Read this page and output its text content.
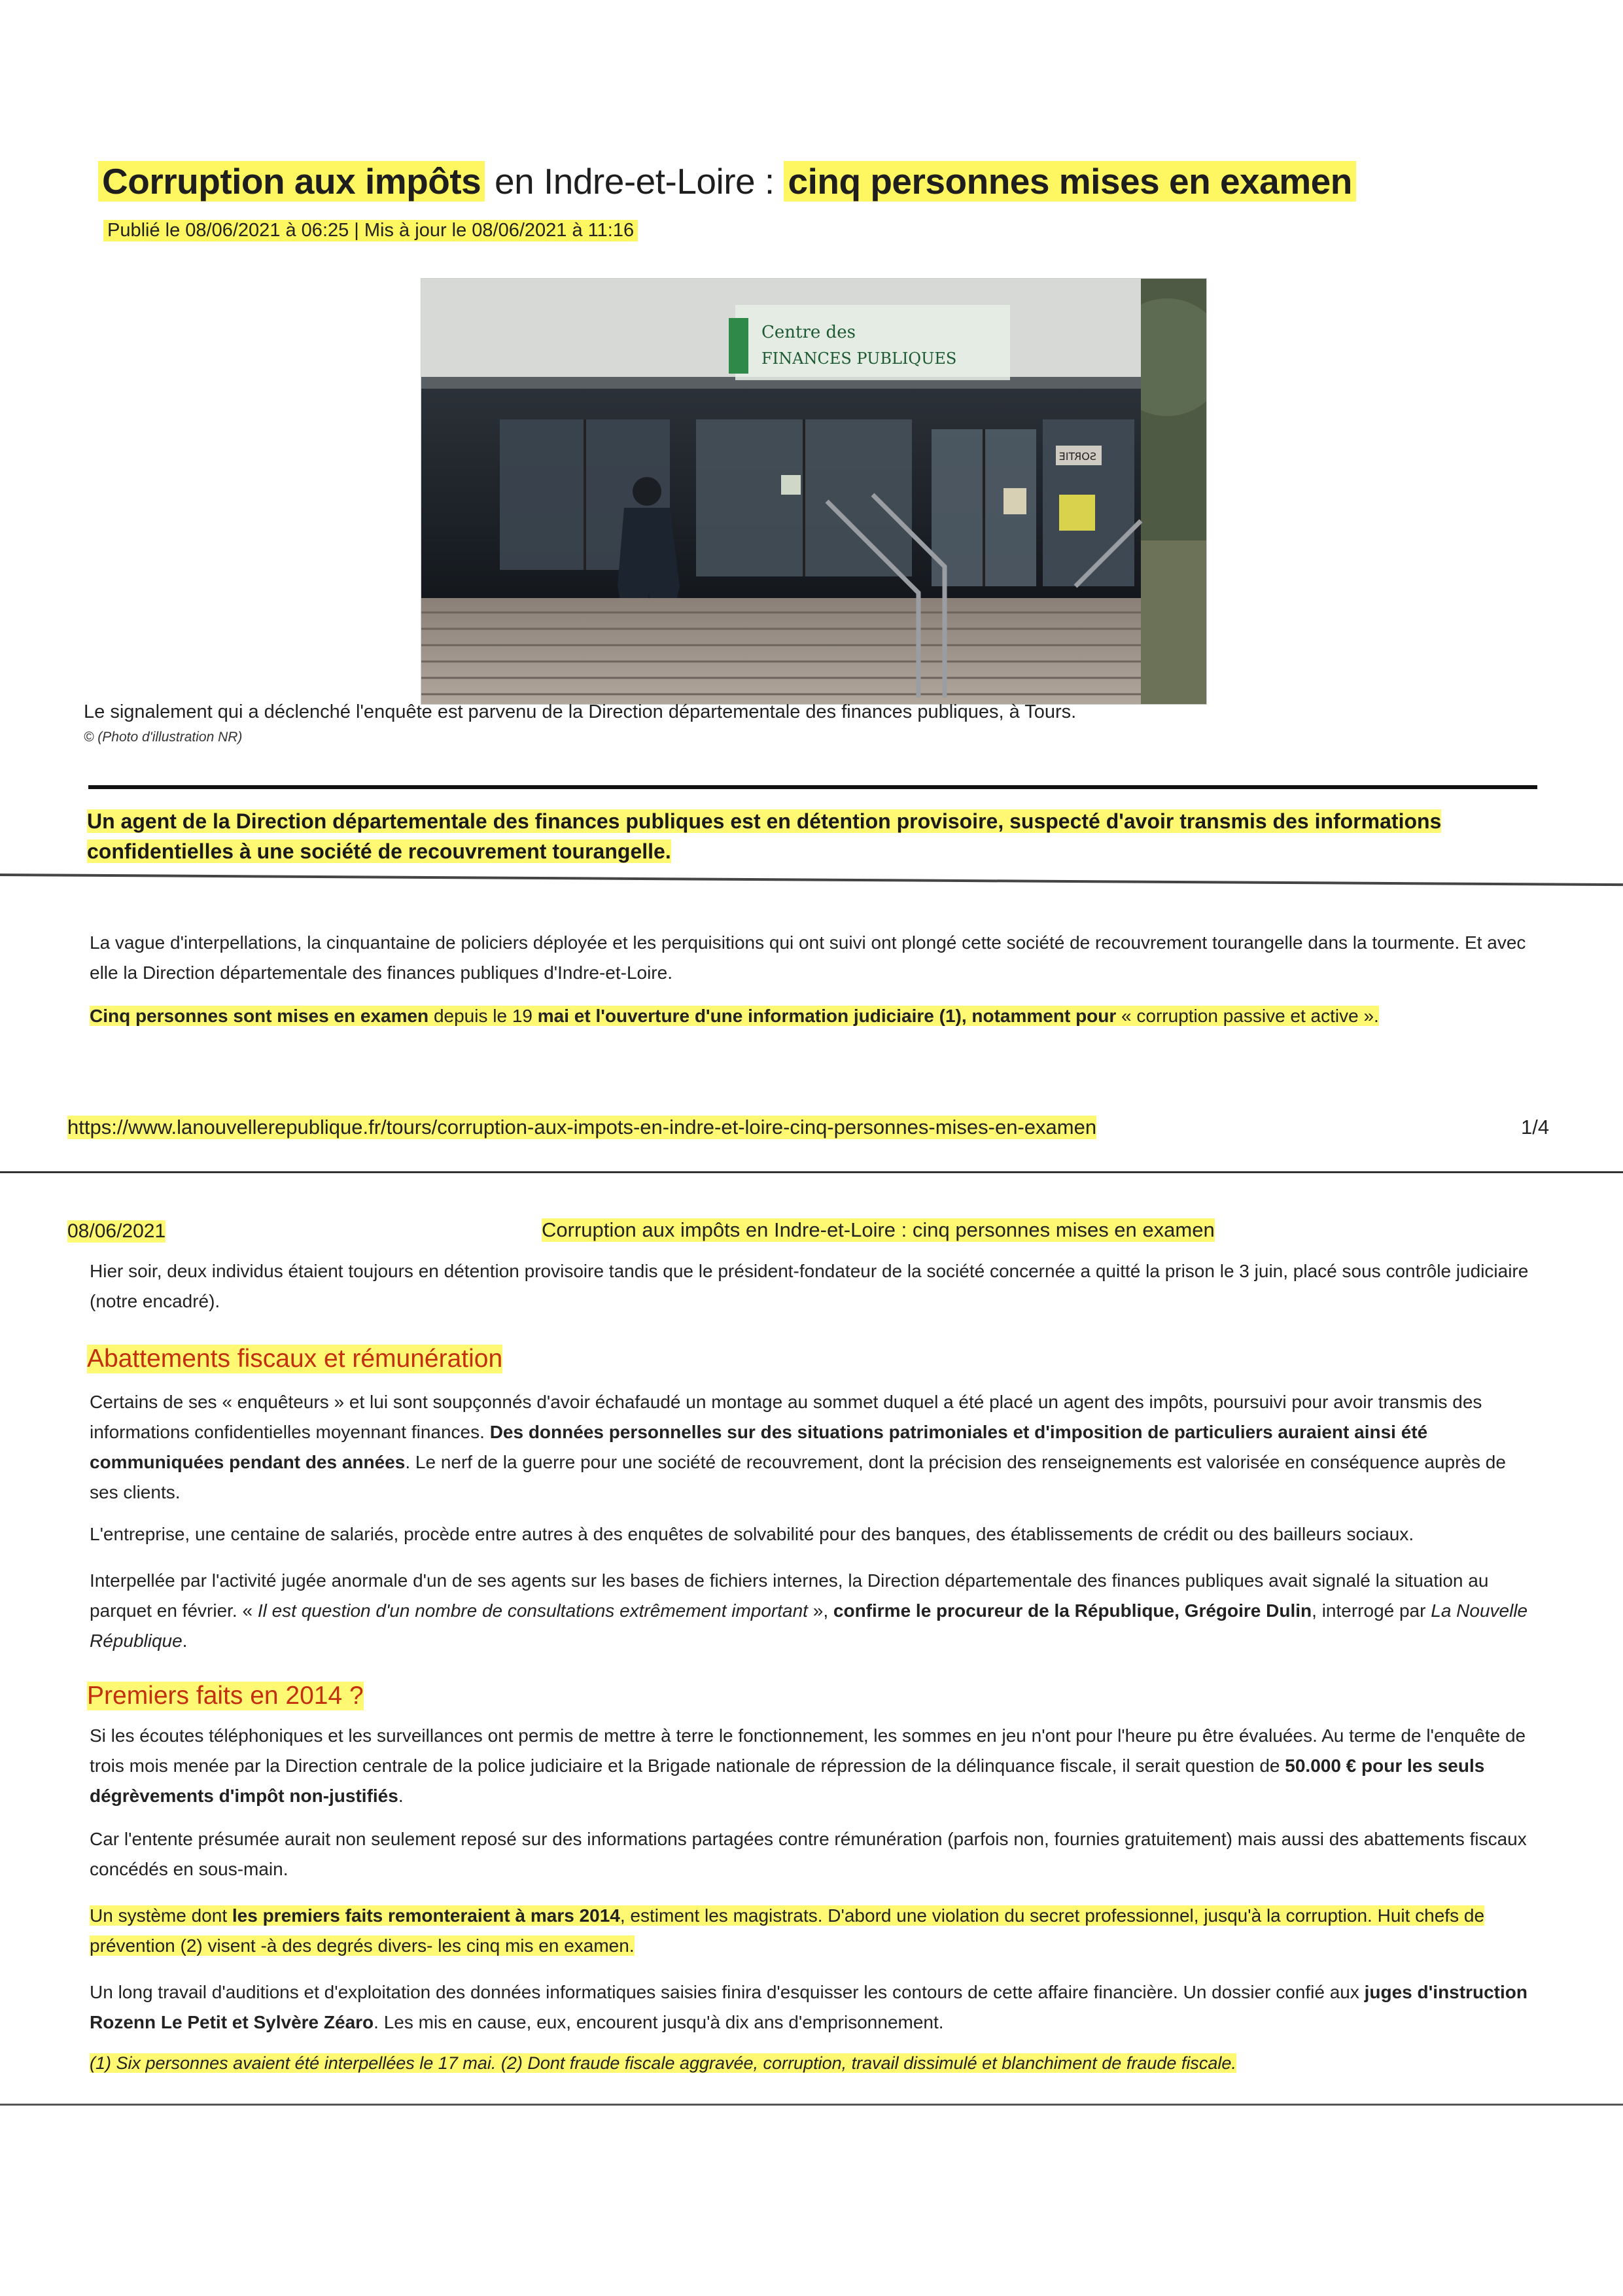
Corruption aux impôts en Indre-et-Loire : cinq personnes mises en examen
Publié le 08/06/2021 à 06:25 | Mis à jour le 08/06/2021 à 11:16
Centre des
FINANCES PUBLIQUES
SORTIE
Le signalement qui a déclenché l'enquête est parvenu de la Direction départementale des finances publiques, à Tours.
© (Photo d'illustration NR)
Un agent de la Direction départementale des finances publiques est en détention provisoire, suspecté d'avoir transmis des informations confidentielles à une société de recouvrement tourangelle.
La vague d'interpellations, la cinquantaine de policiers déployée et les perquisitions qui ont suivi ont plongé cette société de recouvrement tourangelle dans la tourmente. Et avec elle la Direction départementale des finances publiques d'Indre-et-Loire.
Cinq personnes sont mises en examen depuis le 19 mai et l'ouverture d'une information judiciaire (1), notamment pour « corruption passive et active ».
https://www.lanouvellerepublique.fr/tours/corruption-aux-impots-en-indre-et-loire-cinq-personnes-mises-en-examen	1/4
08/06/2021	Corruption aux impôts en Indre-et-Loire : cinq personnes mises en examen
Hier soir, deux individus étaient toujours en détention provisoire tandis que le président-fondateur de la société concernée a quitté la prison le 3 juin, placé sous contrôle judiciaire (notre encadré).
Abattements fiscaux et rémunération
Certains de ses « enquêteurs » et lui sont soupçonnés d'avoir échafaudé un montage au sommet duquel a été placé un agent des impôts, poursuivi pour avoir transmis des informations confidentielles moyennant finances. Des données personnelles sur des situations patrimoniales et d'imposition de particuliers auraient ainsi été communiquées pendant des années. Le nerf de la guerre pour une société de recouvrement, dont la précision des renseignements est valorisée en conséquence auprès de ses clients.
L'entreprise, une centaine de salariés, procède entre autres à des enquêtes de solvabilité pour des banques, des établissements de crédit ou des bailleurs sociaux.
Interpellée par l'activité jugée anormale d'un de ses agents sur les bases de fichiers internes, la Direction départementale des finances publiques avait signalé la situation au parquet en février. « Il est question d'un nombre de consultations extrêmement important », confirme le procureur de la République, Grégoire Dulin, interrogé par La Nouvelle République.
Premiers faits en 2014 ?
Si les écoutes téléphoniques et les surveillances ont permis de mettre à terre le fonctionnement, les sommes en jeu n'ont pour l'heure pu être évaluées. Au terme de l'enquête de trois mois menée par la Direction centrale de la police judiciaire et la Brigade nationale de répression de la délinquance fiscale, il serait question de 50.000 € pour les seuls dégrèvements d'impôt non-justifiés.
Car l'entente présumée aurait non seulement reposé sur des informations partagées contre rémunération (parfois non, fournies gratuitement) mais aussi des abattements fiscaux concédés en sous-main.
Un système dont les premiers faits remonteraient à mars 2014, estiment les magistrats. D'abord une violation du secret professionnel, jusqu'à la corruption. Huit chefs de prévention (2) visent -à des degrés divers- les cinq mis en examen.
Un long travail d'auditions et d'exploitation des données informatiques saisies finira d'esquisser les contours de cette affaire financière. Un dossier confié aux juges d'instruction Rozenn Le Petit et Sylvère Zéaro. Les mis en cause, eux, encourent jusqu'à dix ans d'emprisonnement.
(1) Six personnes avaient été interpellées le 17 mai. (2) Dont fraude fiscale aggravée, corruption, travail dissimulé et blanchiment de fraude fiscale.
